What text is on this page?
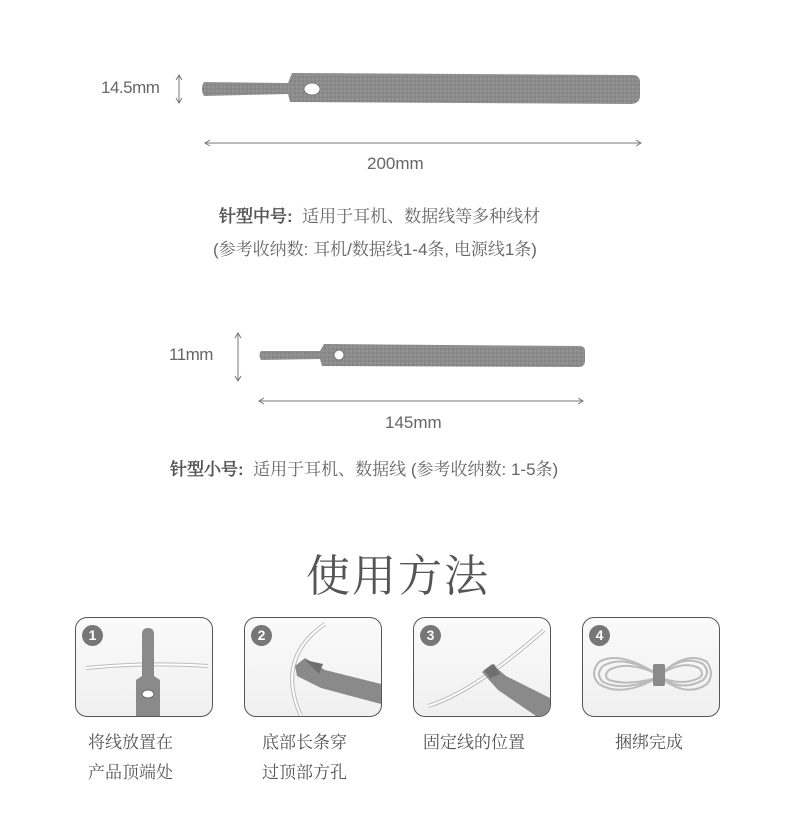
14.5mm
200mm
针型中号: 适用于耳机、数据线等多种线材
(参考收纳数: 耳机/数据线1-4条, 电源线1条)
11mm
145mm
针型小号: 适用于耳机、数据线 (参考收纳数: 1-5条)
使用方法
1	2	3	4
将线放置在
产品顶端处
底部长条穿
过顶部方孔
固定线的位置	捆绑完成
